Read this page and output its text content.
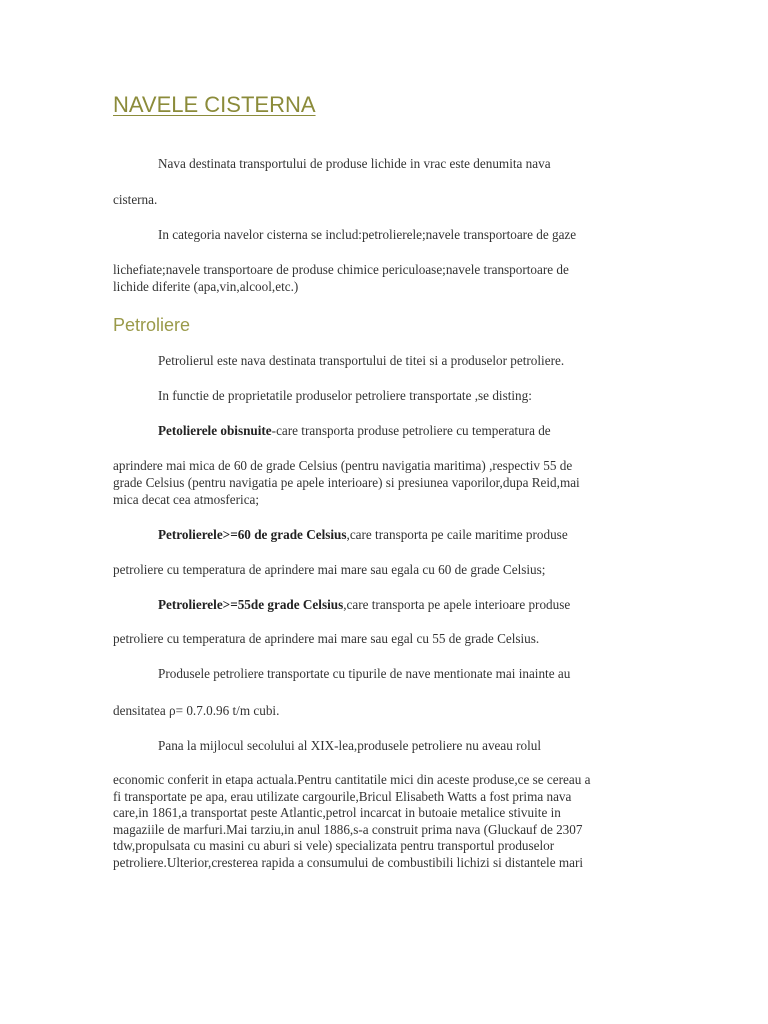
NAVELE CISTERNA

Nava destinata transportului de produse lichide in vrac este denumita nava

cisterna.

In categoria navelor cisterna se includ:petrolierele;navele transportoare de gaze

lichefiate;navele transportoare de produse chimice periculoase;navele transportoare de

lichide diferite (apa,vin,alcool,etc.)

Petroliere

Petrolierul este nava destinata transportului de titei si a produselor petroliere.

In functie de proprietatile produselor petroliere transportate ,se disting:

Petolierele obisnuite-care transporta produse petroliere cu temperatura de

aprindere mai mica de 60 de grade Celsius (pentru navigatia maritima) ,respectiv 55 de

grade Celsius (pentru navigatia pe apele interioare) si presiunea vaporilor,dupa Reid,mai

mica decat cea atmosferica;

Petrolierele>=60 de grade Celsius,care transporta pe caile maritime produse

petroliere cu temperatura de aprindere mai mare sau egala cu 60 de grade Celsius;

Petrolierele>=55de grade Celsius,care transporta pe apele interioare produse

petroliere cu temperatura de aprindere mai mare sau egal cu 55 de grade Celsius.

Produsele petroliere transportate cu tipurile de nave mentionate mai inainte au

densitatea ρ= 0.7.0.96 t/m cubi.

Pana la mijlocul secolului al XIX-lea,produsele petroliere nu aveau rolul

economic conferit in etapa actuala.Pentru cantitatile mici din aceste produse,ce se cereau a
fi transportate pe apa, erau utilizate cargourile,Bricul Elisabeth Watts a fost prima nava
care,in 1861,a transportat peste Atlantic,petrol incarcat in butoaie metalice stivuite in
magaziile de marfuri.Mai tarziu,in anul 1886,s-a construit prima nava (Gluckauf de 2307
tdw,propulsata cu masini cu aburi si vele) specializata pentru transportul produselor
petroliere.Ulterior,cresterea rapida a consumului de combustibili lichizi si distantele mari
